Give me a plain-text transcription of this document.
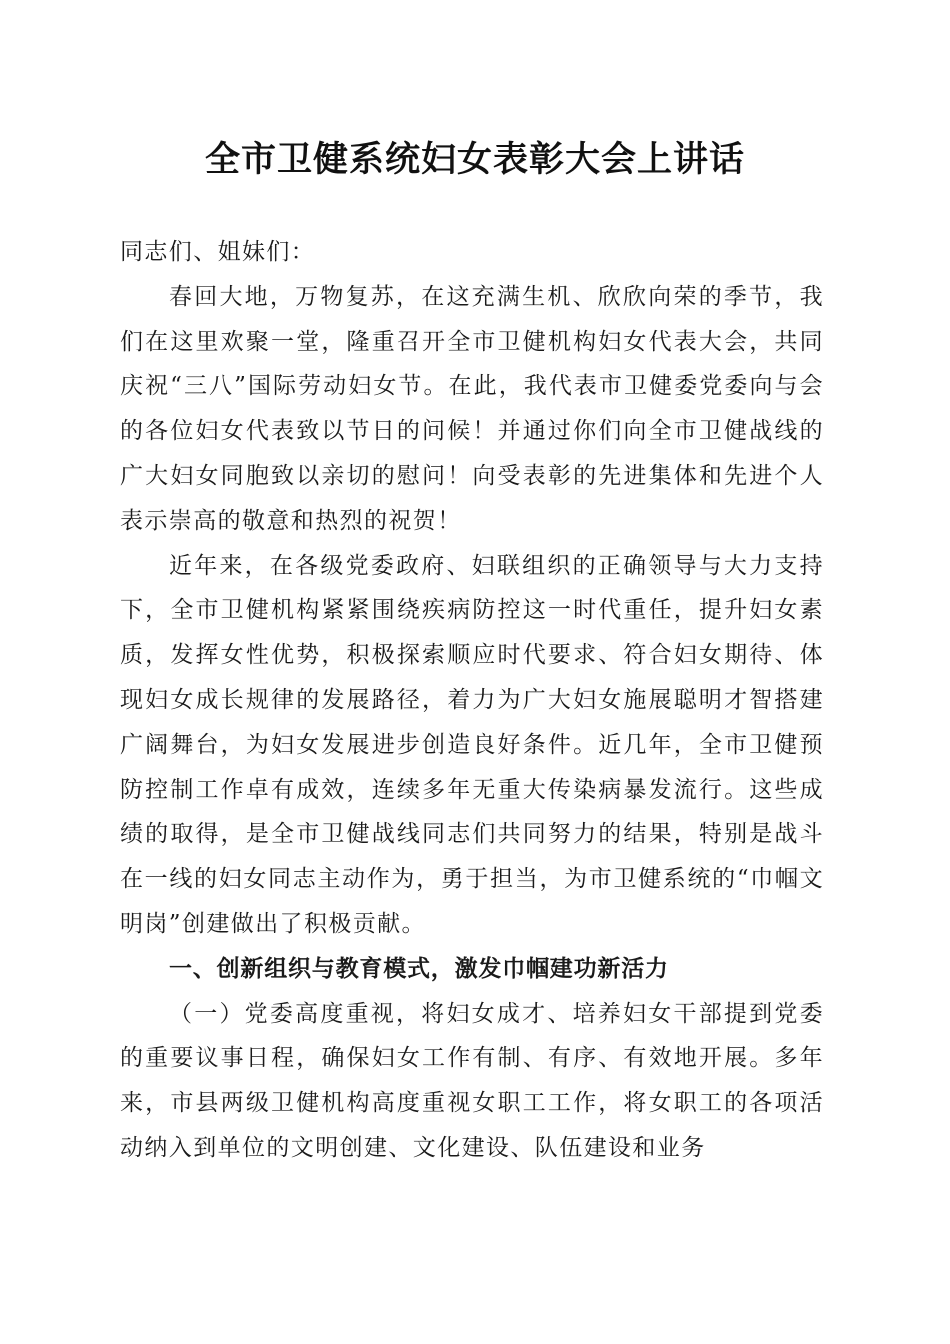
全市卫健系统妇女表彰大会上讲话

同志们、姐妹们：

春回大地，万物复苏，在这充满生机、欣欣向荣的季节，我们在这里欢聚一堂，隆重召开全市卫健机构妇女代表大会，共同庆祝“三八”国际劳动妇女节。在此，我代表市卫健委党委向与会的各位妇女代表致以节日的问候！并通过你们向全市卫健战线的广大妇女同胞致以亲切的慰问！向受表彰的先进集体和先进个人表示崇高的敬意和热烈的祝贺！

近年来，在各级党委政府、妇联组织的正确领导与大力支持下，全市卫健机构紧紧围绕疾病防控这一时代重任，提升妇女素质，发挥女性优势，积极探索顺应时代要求、符合妇女期待、体现妇女成长规律的发展路径，着力为广大妇女施展聪明才智搭建广阔舞台，为妇女发展进步创造良好条件。近几年，全市卫健预防控制工作卓有成效，连续多年无重大传染病暴发流行。这些成绩的取得，是全市卫健战线同志们共同努力的结果，特别是战斗在一线的妇女同志主动作为，勇于担当，为市卫健系统的“巾帼文明岗”创建做出了积极贡献。

一、创新组织与教育模式，激发巾帼建功新活力

（一）党委高度重视，将妇女成才、培养妇女干部提到党委的重要议事日程，确保妇女工作有制、有序、有效地开展。多年来，市县两级卫健机构高度重视女职工工作，将女职工的各项活动纳入到单位的文明创建、文化建设、队伍建设和业务
